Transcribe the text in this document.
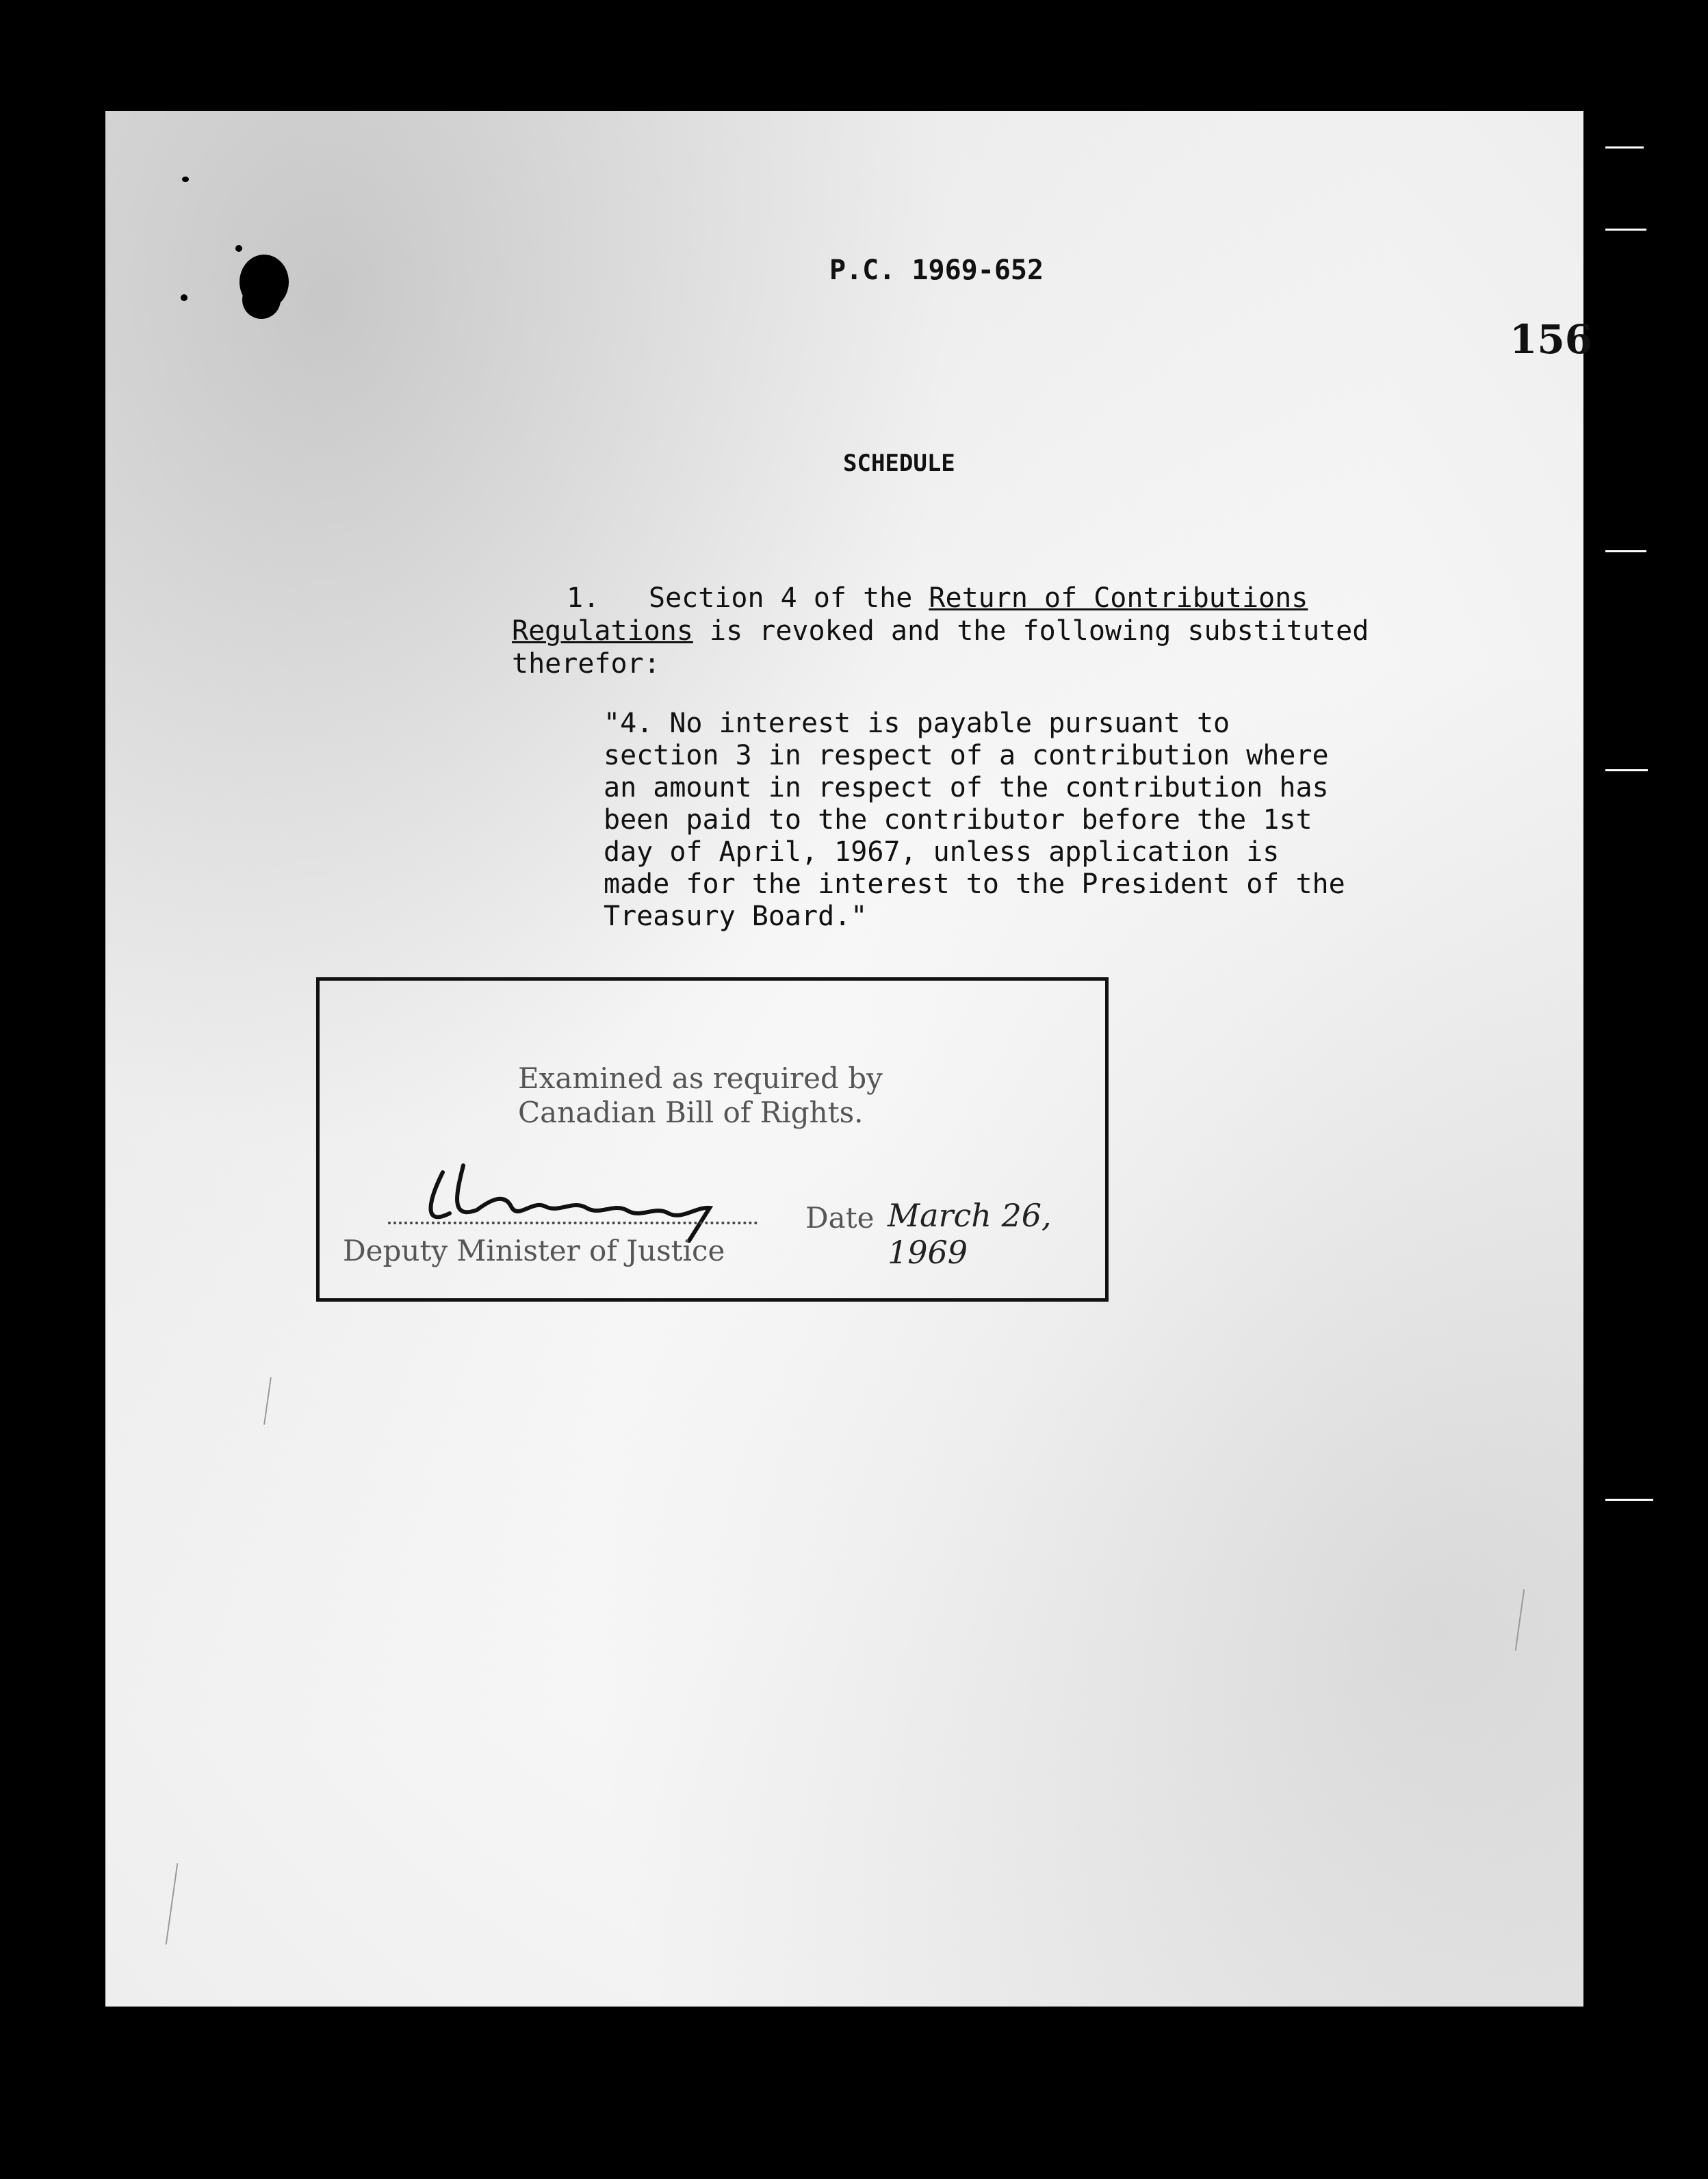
P.C. 1969-652
156
SCHEDULE
1. Section 4 of the Return of Contributions Regulations is revoked and the following substituted therefor:
"4. No interest is payable pursuant to
section 3 in respect of a contribution where
an amount in respect of the contribution has
been paid to the contributor before the 1st
day of April, 1967, unless application is
made for the interest to the President of the
Treasury Board."
Examined as required by
Canadian Bill of Rights.
Deputy Minister of Justice
Date March 26, 1969
